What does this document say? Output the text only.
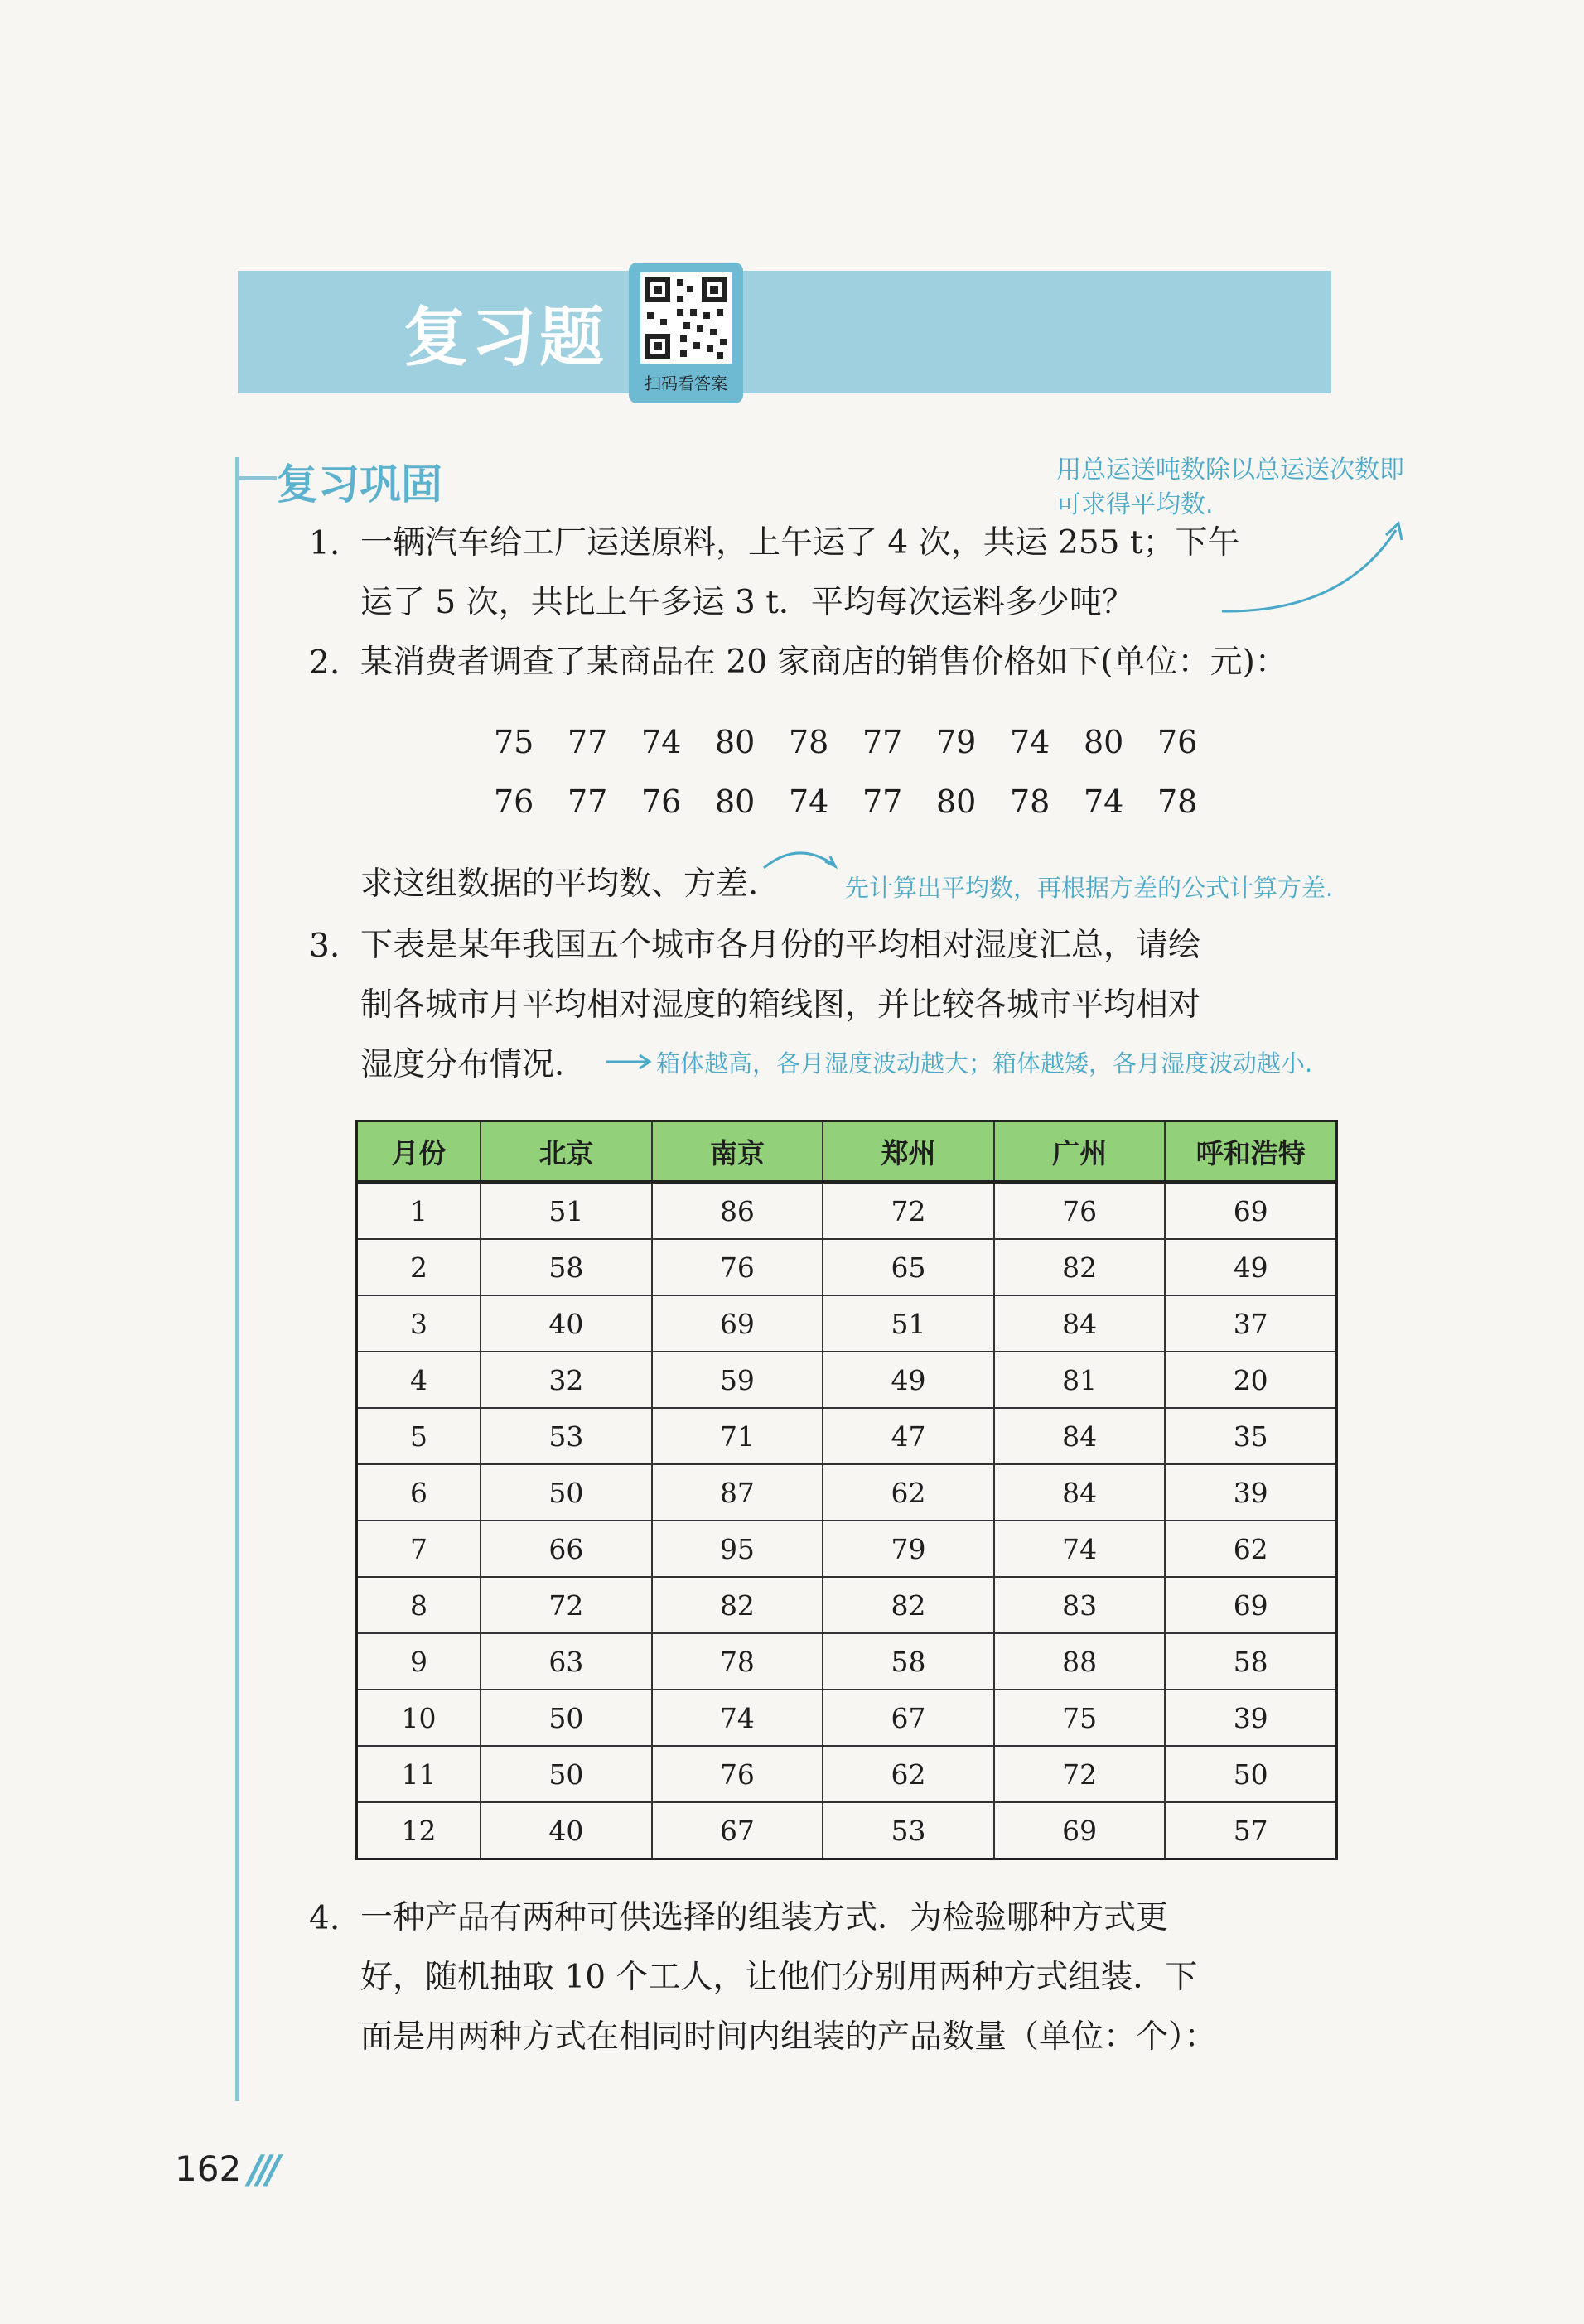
复习题
扫码看答案
复习巩固	用总运送吨数除以总运送次数即
可求得平均数.
1. 一辆汽车给工厂运送原料，上午运了 4 次，共运 255 t；下午
运了 5 次，共比上午多运 3 t．平均每次运料多少吨？
2. 某消费者调查了某商品在 20 家商店的销售价格如下(单位：元)：
75 77 74 80 78 77 79 74 80 76
76 77 76 80 74 77 80 78 74 78
求这组数据的平均数、方差．	先计算出平均数，再根据方差的公式计算方差.
3. 下表是某年我国五个城市各月份的平均相对湿度汇总，请绘
制各城市月平均相对湿度的箱线图，并比较各城市平均相对
湿度分布情况．	箱体越高，各月湿度波动越大；箱体越矮，各月湿度波动越小.
月份	北京	南京	郑州	广州	呼和浩特
1	51	86	72	76	69
2	58	76	65	82	49
3	40	69	51	84	37
4	32	59	49	81	20
5	53	71	47	84	35
6	50	87	62	84	39
7	66	95	79	74	62
8	72	82	82	83	69
9	63	78	58	88	58
10	50	74	67	75	39
11	50	76	62	72	50
12	40	67	53	69	57
4. 一种产品有两种可供选择的组装方式．为检验哪种方式更
好，随机抽取 10 个工人，让他们分别用两种方式组装．下
面是用两种方式在相同时间内组装的产品数量（单位：个）：
162 ///
